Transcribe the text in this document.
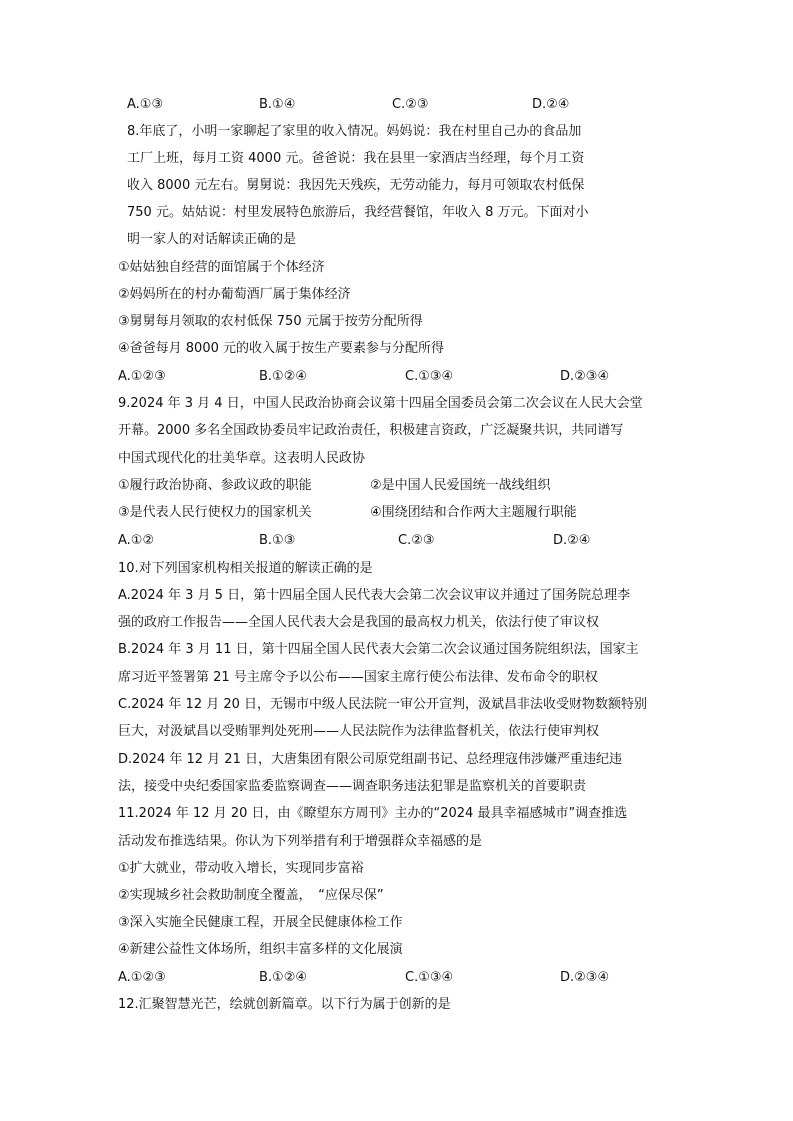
A.①③	B.①④	C.②③	D.②④
8.年底了，小明一家聊起了家里的收入情况。妈妈说：我在村里自己办的食品加
工厂上班，每月工资 4000 元。爸爸说：我在县里一家酒店当经理，每个月工资
收入 8000 元左右。舅舅说：我因先天残疾，无劳动能力，每月可领取农村低保
750 元。姑姑说：村里发展特色旅游后，我经营餐馆，年收入 8 万元。下面对小
明一家人的对话解读正确的是
①姑姑独自经营的面馆属于个体经济
②妈妈所在的村办葡萄酒厂属于集体经济
③舅舅每月领取的农村低保 750 元属于按劳分配所得
④爸爸每月 8000 元的收入属于按生产要素参与分配所得
A.①②③	B.①②④	C.①③④	D.②③④
9.2024 年 3 月 4 日，中国人民政治协商会议第十四届全国委员会第二次会议在人民大会堂
开幕。2000 多名全国政协委员牢记政治责任，积极建言资政，广泛凝聚共识，共同谱写
中国式现代化的壮美华章。这表明人民政协
①履行政治协商、参政议政的职能	②是中国人民爱国统一战线组织
③是代表人民行使权力的国家机关	④围绕团结和合作两大主题履行职能
A.①②	B.①③	C.②③	D.②④
10.对下列国家机构相关报道的解读正确的是
A.2024 年 3 月 5 日，第十四届全国人民代表大会第二次会议审议并通过了国务院总理李
强的政府工作报告——全国人民代表大会是我国的最高权力机关，依法行使了审议权
B.2024 年 3 月 11 日，第十四届全国人民代表大会第二次会议通过国务院组织法，国家主
席习近平签署第 21 号主席令予以公布——国家主席行使公布法律、发布命令的职权
C.2024 年 12 月 20 日，无锡市中级人民法院一审公开宣判，汲斌昌非法收受财物数额特别
巨大，对汲斌昌以受贿罪判处死刑——人民法院作为法律监督机关，依法行使审判权
D.2024 年 12 月 21 日，大唐集团有限公司原党组副书记、总经理寇伟涉嫌严重违纪违
法，接受中央纪委国家监委监察调查——调查职务违法犯罪是监察机关的首要职责
11.2024 年 12 月 20 日，由《瞭望东方周刊》主办的“2024 最具幸福感城市”调查推选
活动发布推选结果。你认为下列举措有利于增强群众幸福感的是
①扩大就业，带动收入增长，实现同步富裕
②实现城乡社会救助制度全覆盖，　“应保尽保”
③深入实施全民健康工程，开展全民健康体检工作
④新建公益性文体场所，组织丰富多样的文化展演
A.①②③	B.①②④	C.①③④	D.②③④
12.汇聚智慧光芒，绘就创新篇章。以下行为属于创新的是
